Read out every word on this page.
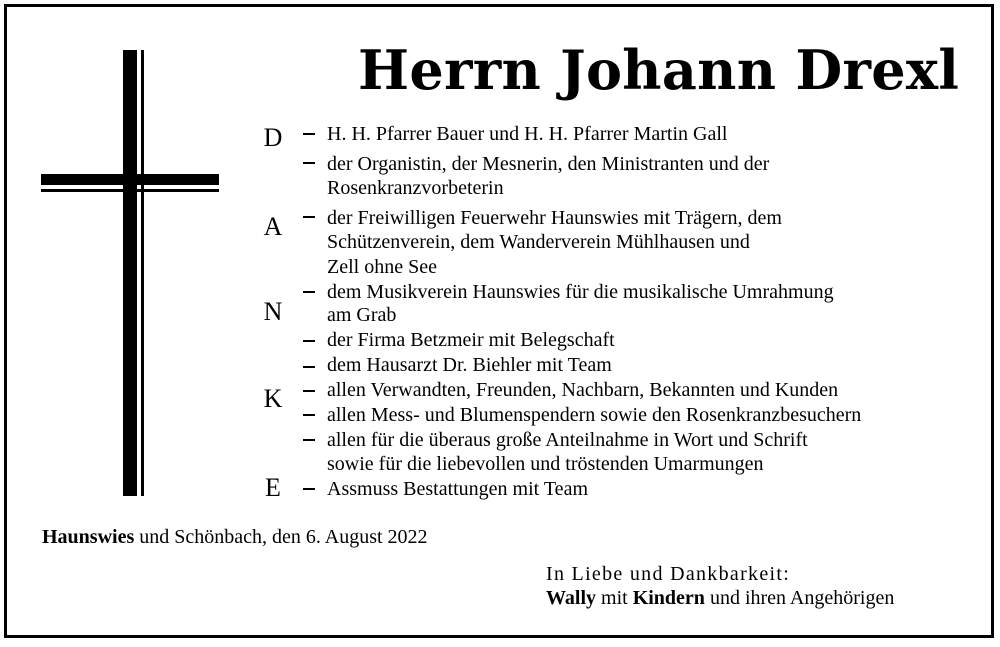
Herrn Johann Drexl
D
A
N
K
E

H. H. Pfarrer Bauer und H. H. Pfarrer Martin Gall

der Organistin, der Mesnerin, den Ministranten und der

Rosenkranzvorbeterin

der Freiwilligen Feuerwehr Haunswies mit Trägern, dem

Schützenverein, dem Wanderverein Mühlhausen und

Zell ohne See

dem Musikverein Haunswies für die musikalische Umrahmung

am Grab

der Firma Betzmeir mit Belegschaft

dem Hausarzt Dr. Biehler mit Team

allen Verwandten, Freunden, Nachbarn, Bekannten und Kunden

allen Mess- und Blumenspendern sowie den Rosenkranzbesuchern

allen für die überaus große Anteilnahme in Wort und Schrift

sowie für die liebevollen und tröstenden Umarmungen

Assmuss Bestattungen mit Team

Haunswies und Schönbach, den 6. August 2022

In Liebe und Dankbarkeit:

Wally mit Kindern und ihren Angehörigen
